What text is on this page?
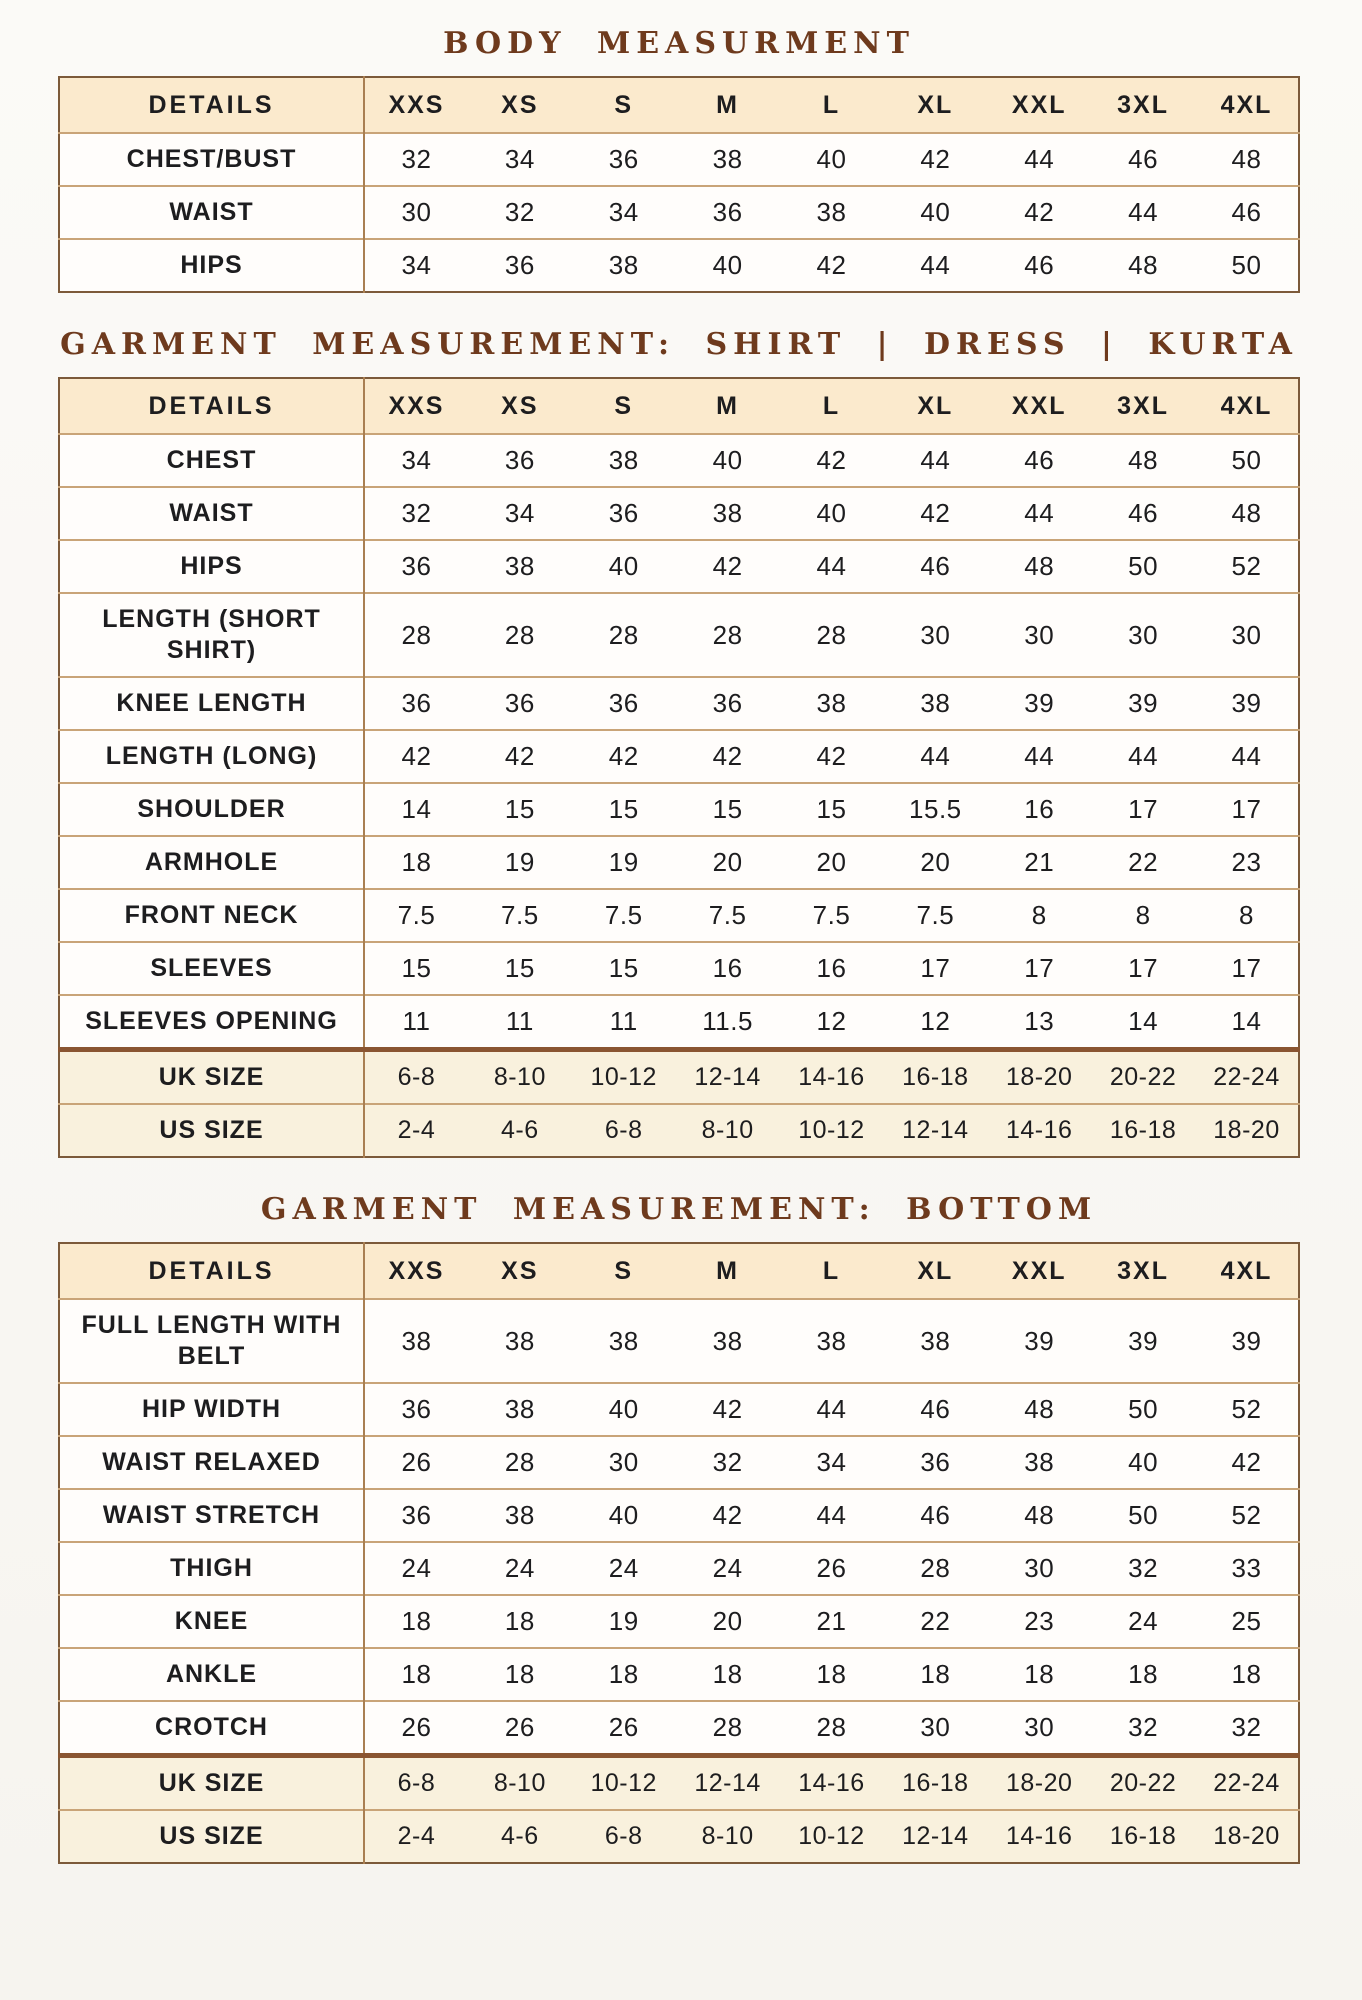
BODY MEASURMENT
DETAILS	XXS	XS	S	M	L	XL	XXL	3XL	4XL
CHEST/BUST	32	34	36	38	40	42	44	46	48
WAIST	30	32	34	36	38	40	42	44	46
HIPS	34	36	38	40	42	44	46	48	50
GARMENT MEASUREMENT: SHIRT | DRESS | KURTA
DETAILS	XXS	XS	S	M	L	XL	XXL	3XL	4XL
CHEST	34	36	38	40	42	44	46	48	50
WAIST	32	34	36	38	40	42	44	46	48
HIPS	36	38	40	42	44	46	48	50	52
LENGTH (SHORT SHIRT)	28	28	28	28	28	30	30	30	30
KNEE LENGTH	36	36	36	36	38	38	39	39	39
LENGTH (LONG)	42	42	42	42	42	44	44	44	44
SHOULDER	14	15	15	15	15	15.5	16	17	17
ARMHOLE	18	19	19	20	20	20	21	22	23
FRONT NECK	7.5	7.5	7.5	7.5	7.5	7.5	8	8	8
SLEEVES	15	15	15	16	16	17	17	17	17
SLEEVES OPENING	11	11	11	11.5	12	12	13	14	14
UK SIZE	6-8	8-10	10-12	12-14	14-16	16-18	18-20	20-22	22-24
US SIZE	2-4	4-6	6-8	8-10	10-12	12-14	14-16	16-18	18-20
GARMENT MEASUREMENT: BOTTOM
DETAILS	XXS	XS	S	M	L	XL	XXL	3XL	4XL
FULL LENGTH WITH BELT	38	38	38	38	38	38	39	39	39
HIP WIDTH	36	38	40	42	44	46	48	50	52
WAIST RELAXED	26	28	30	32	34	36	38	40	42
WAIST STRETCH	36	38	40	42	44	46	48	50	52
THIGH	24	24	24	24	26	28	30	32	33
KNEE	18	18	19	20	21	22	23	24	25
ANKLE	18	18	18	18	18	18	18	18	18
CROTCH	26	26	26	28	28	30	30	32	32
UK SIZE	6-8	8-10	10-12	12-14	14-16	16-18	18-20	20-22	22-24
US SIZE	2-4	4-6	6-8	8-10	10-12	12-14	14-16	16-18	18-20
